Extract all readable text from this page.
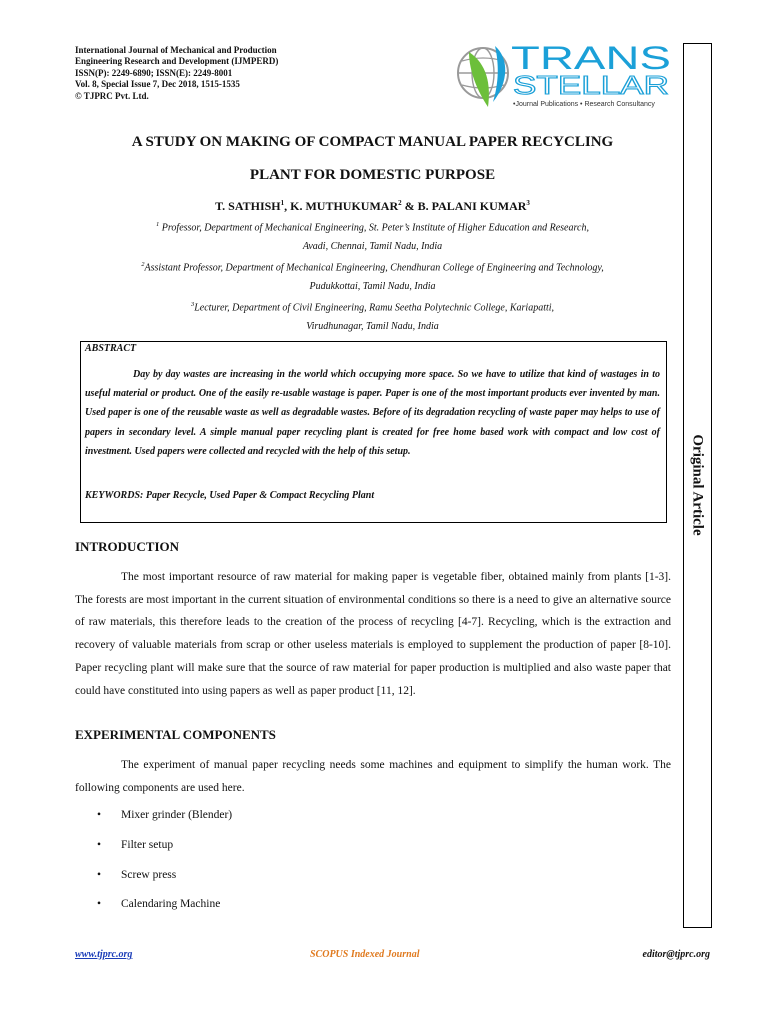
International Journal of Mechanical and Production
Engineering Research and Development (IJMPERD)
ISSN(P): 2249-6890; ISSN(E): 2249-8001
Vol. 8, Special Issue 7, Dec 2018, 1515-1535
© TJPRC Pvt. Ltd.
TRANS
STELLAR
•Journal Publications • Research Consultancy
Original Article
A STUDY ON MAKING OF COMPACT MANUAL PAPER RECYCLING
PLANT FOR DOMESTIC PURPOSE
T. SATHISH$^1$, K. MUTHUKUMAR$^2$ & B. PALANI KUMAR$^3$
$^1$ Professor, Department of Mechanical Engineering, St. Peter’s Institute of Higher Education and Research,
Avadi, Chennai, Tamil Nadu, India
$^2$Assistant Professor, Department of Mechanical Engineering, Chendhuran College of Engineering and Technology,
Pudukkottai, Tamil Nadu, India
$^3$Lecturer, Department of Civil Engineering, Ramu Seetha Polytechnic College, Kariapatti,
Virudhunagar, Tamil Nadu, India
ABSTRACT

Day by day wastes are increasing in the world which occupying more space. So we have to utilize that kind of wastages in to useful material or product. One of the easily re-usable wastage is paper. Paper is one of the most important products ever invented by man. Used paper is one of the reusable waste as well as degradable wastes. Before of its degradation recycling of waste paper may helps to use of papers in secondary level. A simple manual paper recycling plant is created for free home based work with compact and low cost of investment. Used papers were collected and recycled with the help of this setup.

KEYWORDS: Paper Recycle, Used Paper & Compact Recycling Plant
INTRODUCTION

The most important resource of raw material for making paper is vegetable fiber, obtained mainly from plants [1-3]. The forests are most important in the current situation of environmental conditions so there is a need to give an alternative source of raw materials, this therefore leads to the creation of the process of recycling [4-7]. Recycling, which is the extraction and recovery of valuable materials from scrap or other useless materials is employed to supplement the production of paper [8-10]. Paper recycling plant will make sure that the source of raw material for paper production is multiplied and also waste paper that could have constituted into using papers as well as paper product [11, 12].

EXPERIMENTAL COMPONENTS

The experiment of manual paper recycling needs some machines and equipment to simplify the human work. The following components are used here.

• Mixer grinder (Blender)
• Filter setup
• Screw press
• Calendaring Machine
www.tjprc.org	SCOPUS Indexed Journal	editor@tjprc.org
